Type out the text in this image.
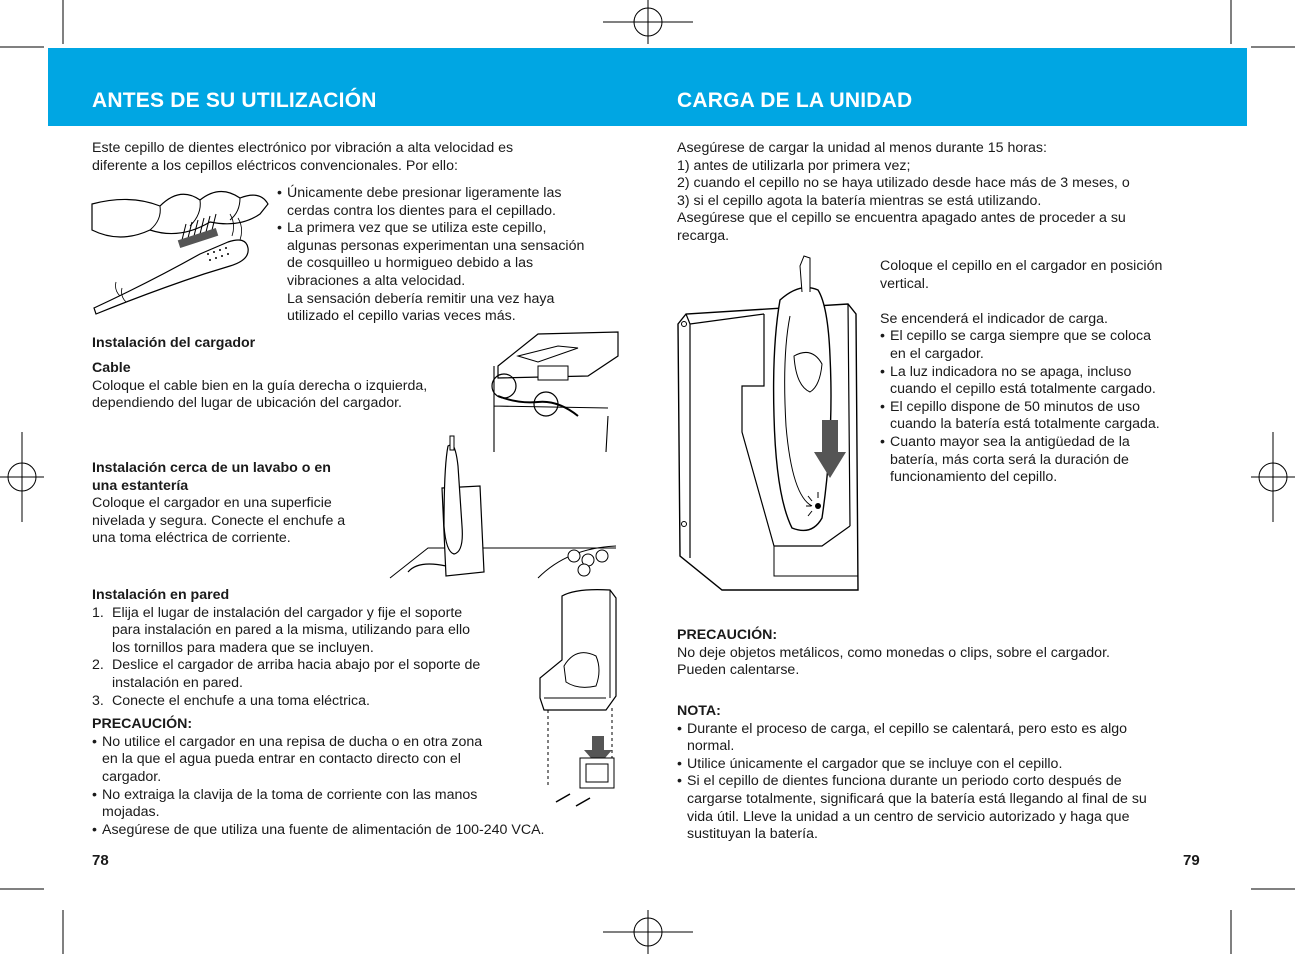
ANTES DE SU UTILIZACIÓN	CARGA DE LA UNIDAD
Este cepillo de dientes electrónico por vibración a alta velocidad es
diferente a los cepillos eléctricos convencionales. Por ello:
• Únicamente debe presionar ligeramente las
cerdas contra los dientes para el cepillado.
• La primera vez que se utiliza este cepillo,
algunas personas experimentan una sensación
de cosquilleo u hormigueo debido a las
vibraciones a alta velocidad.
La sensación debería remitir una vez haya
utilizado el cepillo varias veces más.
Instalación del cargador
Cable
Coloque el cable bien en la guía derecha o izquierda,
dependiendo del lugar de ubicación del cargador.
Instalación cerca de un lavabo o en
una estantería
Coloque el cargador en una superficie
nivelada y segura. Conecte el enchufe a
una toma eléctrica de corriente.
Instalación en pared
1. Elija el lugar de instalación del cargador y fije el soporte
para instalación en pared a la misma, utilizando para ello
los tornillos para madera que se incluyen.
2. Deslice el cargador de arriba hacia abajo por el soporte de
instalación en pared.
3. Conecte el enchufe a una toma eléctrica.
PRECAUCIÓN:
• No utilice el cargador en una repisa de ducha o en otra zona
en la que el agua pueda entrar en contacto directo con el
cargador.
• No extraiga la clavija de la toma de corriente con las manos
mojadas.
• Asegúrese de que utiliza una fuente de alimentación de 100-240 VCA.
78
Asegúrese de cargar la unidad al menos durante 15 horas:
1) antes de utilizarla por primera vez;
2) cuando el cepillo no se haya utilizado desde hace más de 3 meses, o
3) si el cepillo agota la batería mientras se está utilizando.
Asegúrese que el cepillo se encuentra apagado antes de proceder a su
recarga.
Coloque el cepillo en el cargador en posición
vertical.
Se encenderá el indicador de carga.
• El cepillo se carga siempre que se coloca
en el cargador.
• La luz indicadora no se apaga, incluso
cuando el cepillo está totalmente cargado.
• El cepillo dispone de 50 minutos de uso
cuando la batería está totalmente cargada.
• Cuanto mayor sea la antigüedad de la
batería, más corta será la duración de
funcionamiento del cepillo.
PRECAUCIÓN:
No deje objetos metálicos, como monedas o clips, sobre el cargador.
Pueden calentarse.
NOTA:
• Durante el proceso de carga, el cepillo se calentará, pero esto es algo
normal.
• Utilice únicamente el cargador que se incluye con el cepillo.
• Si el cepillo de dientes funciona durante un periodo corto después de
cargarse totalmente, significará que la batería está llegando al final de su
vida útil. Lleve la unidad a un centro de servicio autorizado y haga que
sustituyan la batería.
79
